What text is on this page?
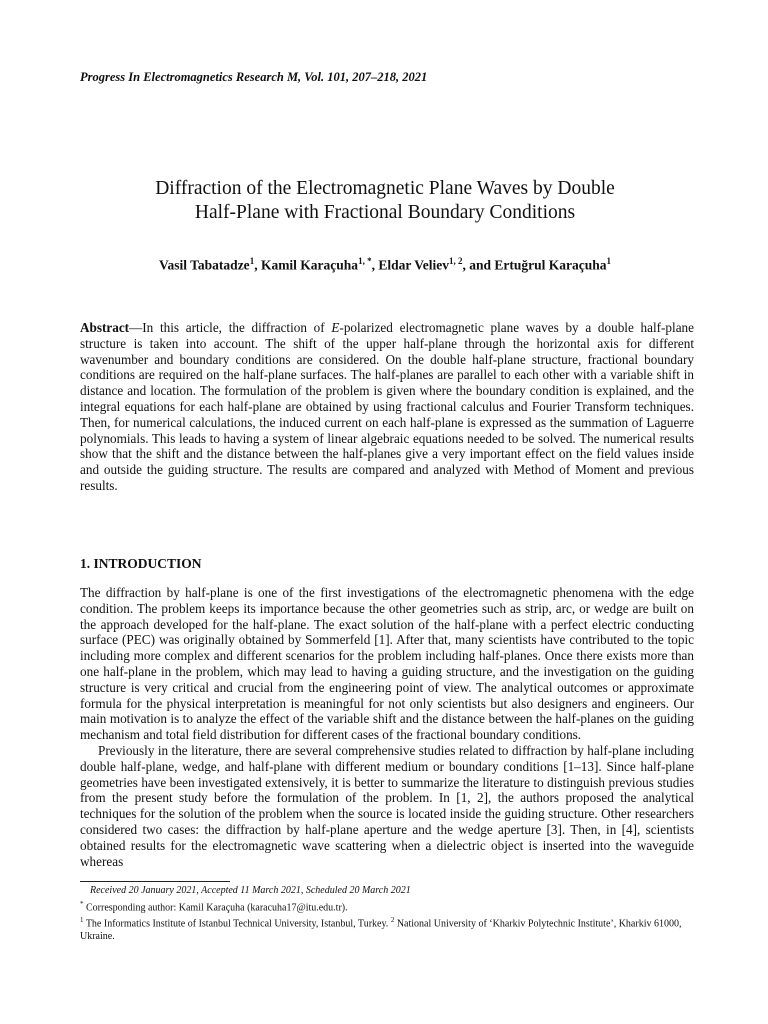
Progress In Electromagnetics Research M, Vol. 101, 207–218, 2021
Diffraction of the Electromagnetic Plane Waves by Double
Half-Plane with Fractional Boundary Conditions
Vasil Tabatadze$^1$, Kamil Karaçuha$^{1, *}$, Eldar Veliev$^{1, 2}$, and Ertuğrul Karaçuha$^1$
Abstract—In this article, the diffraction of E-polarized electromagnetic plane waves by a double half-plane structure is taken into account. The shift of the upper half-plane through the horizontal axis for different wavenumber and boundary conditions are considered. On the double half-plane structure, fractional boundary conditions are required on the half-plane surfaces. The half-planes are parallel to each other with a variable shift in distance and location. The formulation of the problem is given where the boundary condition is explained, and the integral equations for each half-plane are obtained by using fractional calculus and Fourier Transform techniques. Then, for numerical calculations, the induced current on each half-plane is expressed as the summation of Laguerre polynomials. This leads to having a system of linear algebraic equations needed to be solved. The numerical results show that the shift and the distance between the half-planes give a very important effect on the field values inside and outside the guiding structure. The results are compared and analyzed with Method of Moment and previous results.
1. INTRODUCTION

The diffraction by half-plane is one of the first investigations of the electromagnetic phenomena with the edge condition. The problem keeps its importance because the other geometries such as strip, arc, or wedge are built on the approach developed for the half-plane. The exact solution of the half-plane with a perfect electric conducting surface (PEC) was originally obtained by Sommerfeld [1]. After that, many scientists have contributed to the topic including more complex and different scenarios for the problem including half-planes. Once there exists more than one half-plane in the problem, which may lead to having a guiding structure, and the investigation on the guiding structure is very critical and crucial from the engineering point of view. The analytical outcomes or approximate formula for the physical interpretation is meaningful for not only scientists but also designers and engineers. Our main motivation is to analyze the effect of the variable shift and the distance between the half-planes on the guiding mechanism and total field distribution for different cases of the fractional boundary conditions.

Previously in the literature, there are several comprehensive studies related to diffraction by half-plane including double half-plane, wedge, and half-plane with different medium or boundary conditions [1–13]. Since half-plane geometries have been investigated extensively, it is better to summarize the literature to distinguish previous studies from the present study before the formulation of the problem. In [1, 2], the authors proposed the analytical techniques for the solution of the problem when the source is located inside the guiding structure. Other researchers considered two cases: the diffraction by half-plane aperture and the wedge aperture [3]. Then, in [4], scientists obtained results for the electromagnetic wave scattering when a dielectric object is inserted into the waveguide whereas

Received 20 January 2021, Accepted 11 March 2021, Scheduled 20 March 2021
* Corresponding author: Kamil Karaçuha (karacuha17@itu.edu.tr).
$^1$ The Informatics Institute of Istanbul Technical University, Istanbul, Turkey. $^2$ National University of ‘Kharkiv Polytechnic Institute’, Kharkiv 61000, Ukraine.
